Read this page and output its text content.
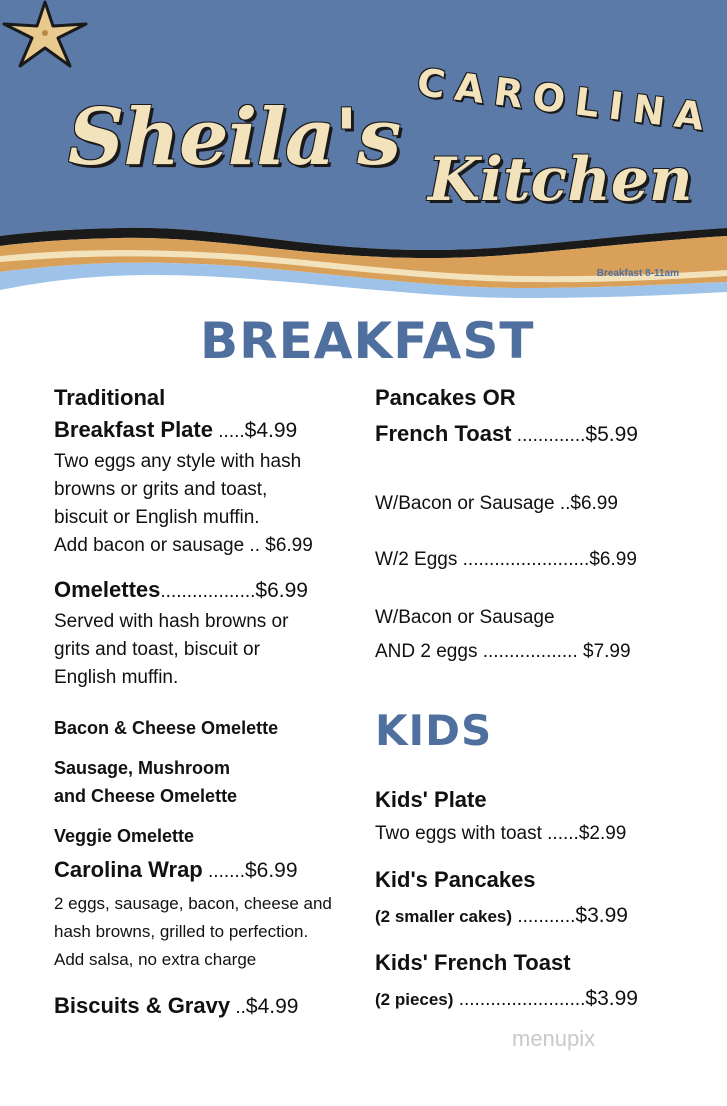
Sheila's CAROLINA
Kitchen
Breakfast 8-11am
BREAKFAST
Traditional
Breakfast Plate .....$4.99
Two eggs any style with hash
browns or grits and toast,
biscuit or English muffin.
Add bacon or sausage .. $6.99
Omelettes..................$6.99
Served with hash browns or
grits and toast, biscuit or
English muffin.
Bacon & Cheese Omelette
Sausage, Mushroom
and Cheese Omelette
Veggie Omelette
Carolina Wrap .......$6.99
2 eggs, sausage, bacon, cheese and
hash browns, grilled to perfection.
Add salsa, no extra charge
Biscuits & Gravy ..$4.99
Pancakes OR
French Toast .............$5.99
W/Bacon or Sausage ..$6.99
W/2 Eggs ........................$6.99
W/Bacon or Sausage
AND 2 eggs .................. $7.99
KIDS
Kids' Plate
Two eggs with toast ......$2.99
Kid's Pancakes
(2 smaller cakes) ...........$3.99
Kids' French Toast
(2 pieces) ........................$3.99
menupix
